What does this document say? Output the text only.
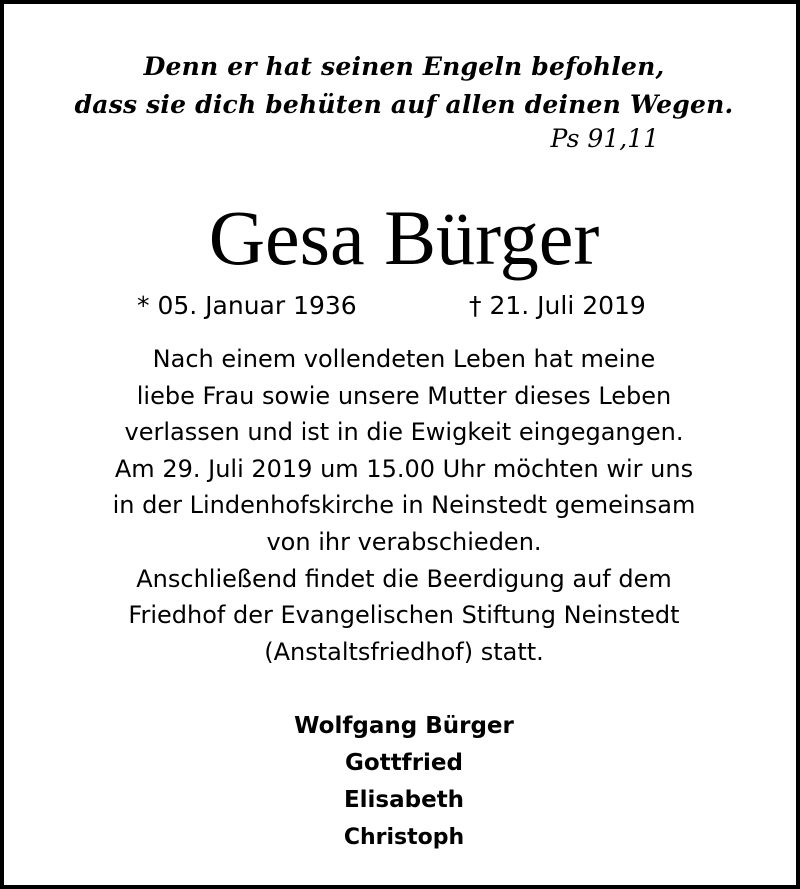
Denn er hat seinen Engeln befohlen,
dass sie dich behüten auf allen deinen Wegen.
Ps 91,11
Gesa Bürger
* 05. Januar 1936	† 21. Juli 2019
Nach einem vollendeten Leben hat meine
liebe Frau sowie unsere Mutter dieses Leben
verlassen und ist in die Ewigkeit eingegangen.
Am 29. Juli 2019 um 15.00 Uhr möchten wir uns
in der Lindenhofskirche in Neinstedt gemeinsam
von ihr verabschieden.
Anschließend findet die Beerdigung auf dem
Friedhof der Evangelischen Stiftung Neinstedt
(Anstaltsfriedhof) statt.
Wolfgang Bürger
Gottfried
Elisabeth
Christoph
